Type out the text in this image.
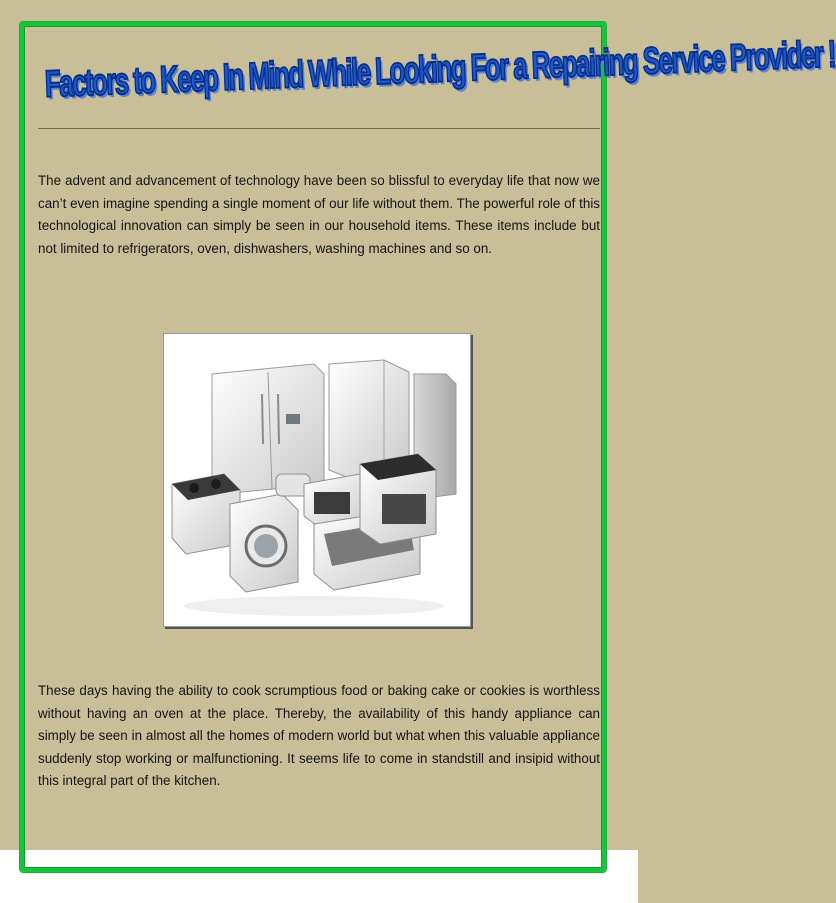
Factors to Keep In Mind While Looking For a Repairing Service Provider !

The advent and advancement of technology have been so blissful to everyday life that now we can’t even imagine spending a single moment of our life without them. The powerful role of this technological innovation can simply be seen in our household items. These items include but not limited to refrigerators, oven, dishwashers, washing machines and so on.

These days having the ability to cook scrumptious food or baking cake or cookies is worthless without having an oven at the place. Thereby, the availability of this handy appliance can simply be seen in almost all the homes of modern world but what when this valuable appliance suddenly stop working or malfunctioning. It seems life to come in standstill and insipid without this integral part of the kitchen.
